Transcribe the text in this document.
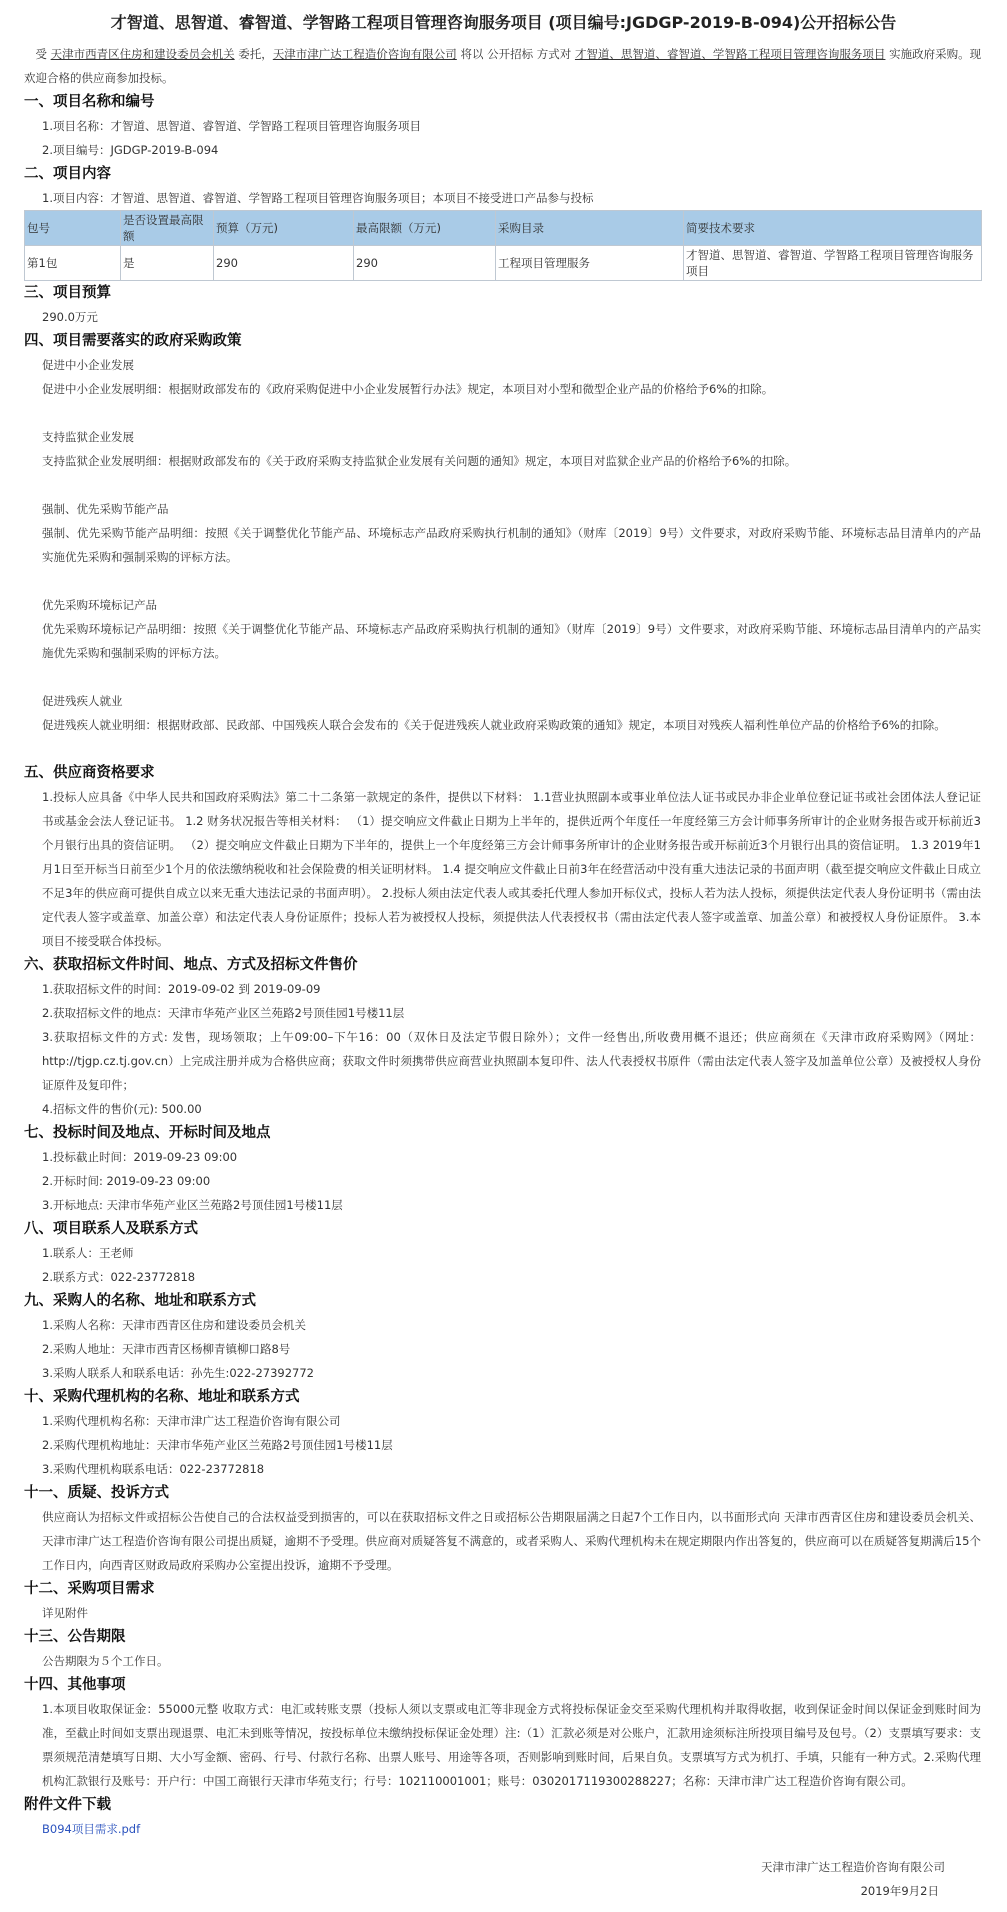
才智道、思智道、睿智道、学智路工程项目管理咨询服务项目 (项目编号:JGDGP-2019-B-094)公开招标公告
受 天津市西青区住房和建设委员会机关 委托，天津市津广达工程造价咨询有限公司 将以 公开招标 方式对 才智道、思智道、睿智道、学智路工程项目管理咨询服务项目 实施政府采购。现欢迎合格的供应商参加投标。
一、项目名称和编号
1.项目名称：才智道、思智道、睿智道、学智路工程项目管理咨询服务项目
2.项目编号：JGDGP-2019-B-094
二、项目内容
1.项目内容：才智道、思智道、睿智道、学智路工程项目管理咨询服务项目；本项目不接受进口产品参与投标
包号	是否设置最高限额	预算（万元)	最高限额（万元)	采购目录	简要技术要求
第1包	是	290	290	工程项目管理服务	才智道、思智道、睿智道、学智路工程项目管理咨询服务项目
三、项目预算
290.0万元
四、项目需要落实的政府采购政策
促进中小企业发展
促进中小企业发展明细：根据财政部发布的《政府采购促进中小企业发展暂行办法》规定，本项目对小型和微型企业产品的价格给予6%的扣除。
支持监狱企业发展
支持监狱企业发展明细：根据财政部发布的《关于政府采购支持监狱企业发展有关问题的通知》规定，本项目对监狱企业产品的价格给予6%的扣除。
强制、优先采购节能产品
强制、优先采购节能产品明细：按照《关于调整优化节能产品、环境标志产品政府采购执行机制的通知》（财库〔2019〕9号）文件要求，对政府采购节能、环境标志品目清单内的产品实施优先采购和强制采购的评标方法。
优先采购环境标记产品
优先采购环境标记产品明细：按照《关于调整优化节能产品、环境标志产品政府采购执行机制的通知》（财库〔2019〕9号）文件要求，对政府采购节能、环境标志品目清单内的产品实施优先采购和强制采购的评标方法。
促进残疾人就业
促进残疾人就业明细：根据财政部、民政部、中国残疾人联合会发布的《关于促进残疾人就业政府采购政策的通知》规定，本项目对残疾人福利性单位产品的价格给予6%的扣除。
五、供应商资格要求
1.投标人应具备《中华人民共和国政府采购法》第二十二条第一款规定的条件，提供以下材料： 1.1营业执照副本或事业单位法人证书或民办非企业单位登记证书或社会团体法人登记证书或基金会法人登记证书。 1.2 财务状况报告等相关材料： （1）提交响应文件截止日期为上半年的，提供近两个年度任一年度经第三方会计师事务所审计的企业财务报告或开标前近3个月银行出具的资信证明。 （2）提交响应文件截止日期为下半年的，提供上一个年度经第三方会计师事务所审计的企业财务报告或开标前近3个月银行出具的资信证明。 1.3 2019年1月1日至开标当日前至少1个月的依法缴纳税收和社会保险费的相关证明材料。 1.4 提交响应文件截止日前3年在经营活动中没有重大违法记录的书面声明（截至提交响应文件截止日成立不足3年的供应商可提供自成立以来无重大违法记录的书面声明）。 2.投标人须由法定代表人或其委托代理人参加开标仪式，投标人若为法人投标，须提供法定代表人身份证明书（需由法定代表人签字或盖章、加盖公章）和法定代表人身份证原件；投标人若为被授权人投标，须提供法人代表授权书（需由法定代表人签字或盖章、加盖公章）和被授权人身份证原件。 3.本项目不接受联合体投标。
六、获取招标文件时间、地点、方式及招标文件售价
1.获取招标文件的时间：2019-09-02 到 2019-09-09
2.获取招标文件的地点：天津市华苑产业区兰苑路2号顶佳园1号楼11层
3.获取招标文件的方式: 发售，现场领取；上午09:00–下午16：00（双休日及法定节假日除外）；文件一经售出,所收费用概不退还；供应商须在《天津市政府采购网》（网址：http://tjgp.cz.tj.gov.cn）上完成注册并成为合格供应商；获取文件时须携带供应商营业执照副本复印件、法人代表授权书原件（需由法定代表人签字及加盖单位公章）及被授权人身份证原件及复印件；
4.招标文件的售价(元): 500.00
七、投标时间及地点、开标时间及地点
1.投标截止时间：2019-09-23 09:00
2.开标时间: 2019-09-23 09:00
3.开标地点: 天津市华苑产业区兰苑路2号顶佳园1号楼11层
八、项目联系人及联系方式
1.联系人：王老师
2.联系方式：022-23772818
九、采购人的名称、地址和联系方式
1.采购人名称：天津市西青区住房和建设委员会机关
2.采购人地址：天津市西青区杨柳青镇柳口路8号
3.采购人联系人和联系电话：孙先生:022-27392772
十、采购代理机构的名称、地址和联系方式
1.采购代理机构名称：天津市津广达工程造价咨询有限公司
2.采购代理机构地址：天津市华苑产业区兰苑路2号顶佳园1号楼11层
3.采购代理机构联系电话：022-23772818
十一、质疑、投诉方式
供应商认为招标文件或招标公告使自己的合法权益受到损害的，可以在获取招标文件之日或招标公告期限届满之日起7个工作日内，以书面形式向 天津市西青区住房和建设委员会机关、天津市津广达工程造价咨询有限公司提出质疑，逾期不予受理。供应商对质疑答复不满意的，或者采购人、采购代理机构未在规定期限内作出答复的，供应商可以在质疑答复期满后15个工作日内，向西青区财政局政府采购办公室提出投诉，逾期不予受理。
十二、采购项目需求
详见附件
十三、公告期限
公告期限为５个工作日。
十四、其他事项
1.本项目收取保证金：55000元整 收取方式：电汇或转账支票（投标人须以支票或电汇等非现金方式将投标保证金交至采购代理机构并取得收据，收到保证金时间以保证金到账时间为准，至截止时间如支票出现退票、电汇未到账等情况，按投标单位未缴纳投标保证金处理）注:（1）汇款必须是对公账户，汇款用途须标注所投项目编号及包号。（2）支票填写要求：支票须规范清楚填写日期、大小写金额、密码、行号、付款行名称、出票人账号、用途等各项，否则影响到账时间，后果自负。支票填写方式为机打、手填，只能有一种方式。2.采购代理机构汇款银行及账号：开户行：中国工商银行天津市华苑支行；行号：102110001001；账号：0302017119300288227；名称：天津市津广达工程造价咨询有限公司。
附件文件下载
B094项目需求.pdf
天津市津广达工程造价咨询有限公司
2019年9月2日
